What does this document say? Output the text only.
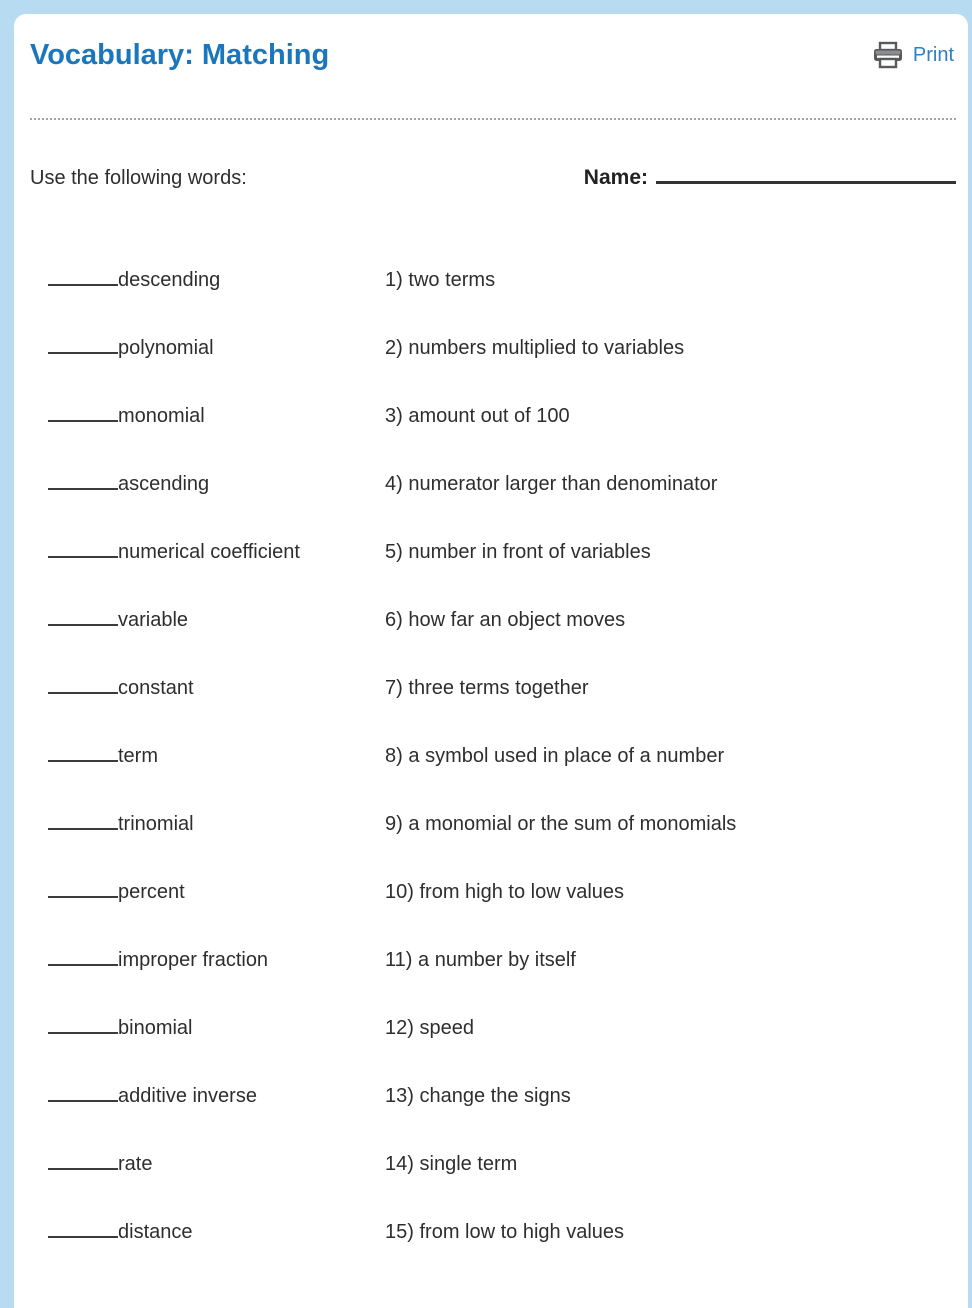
Vocabulary: Matching	Print
Use the following words:	Name:
descending	1) two terms
polynomial	2) numbers multiplied to variables
monomial	3) amount out of 100
ascending	4) numerator larger than denominator
numerical coefficient	5) number in front of variables
variable	6) how far an object moves
constant	7) three terms together
term	8) a symbol used in place of a number
trinomial	9) a monomial or the sum of monomials
percent	10) from high to low values
improper fraction	11) a number by itself
binomial	12) speed
additive inverse	13) change the signs
rate	14) single term
distance	15) from low to high values
